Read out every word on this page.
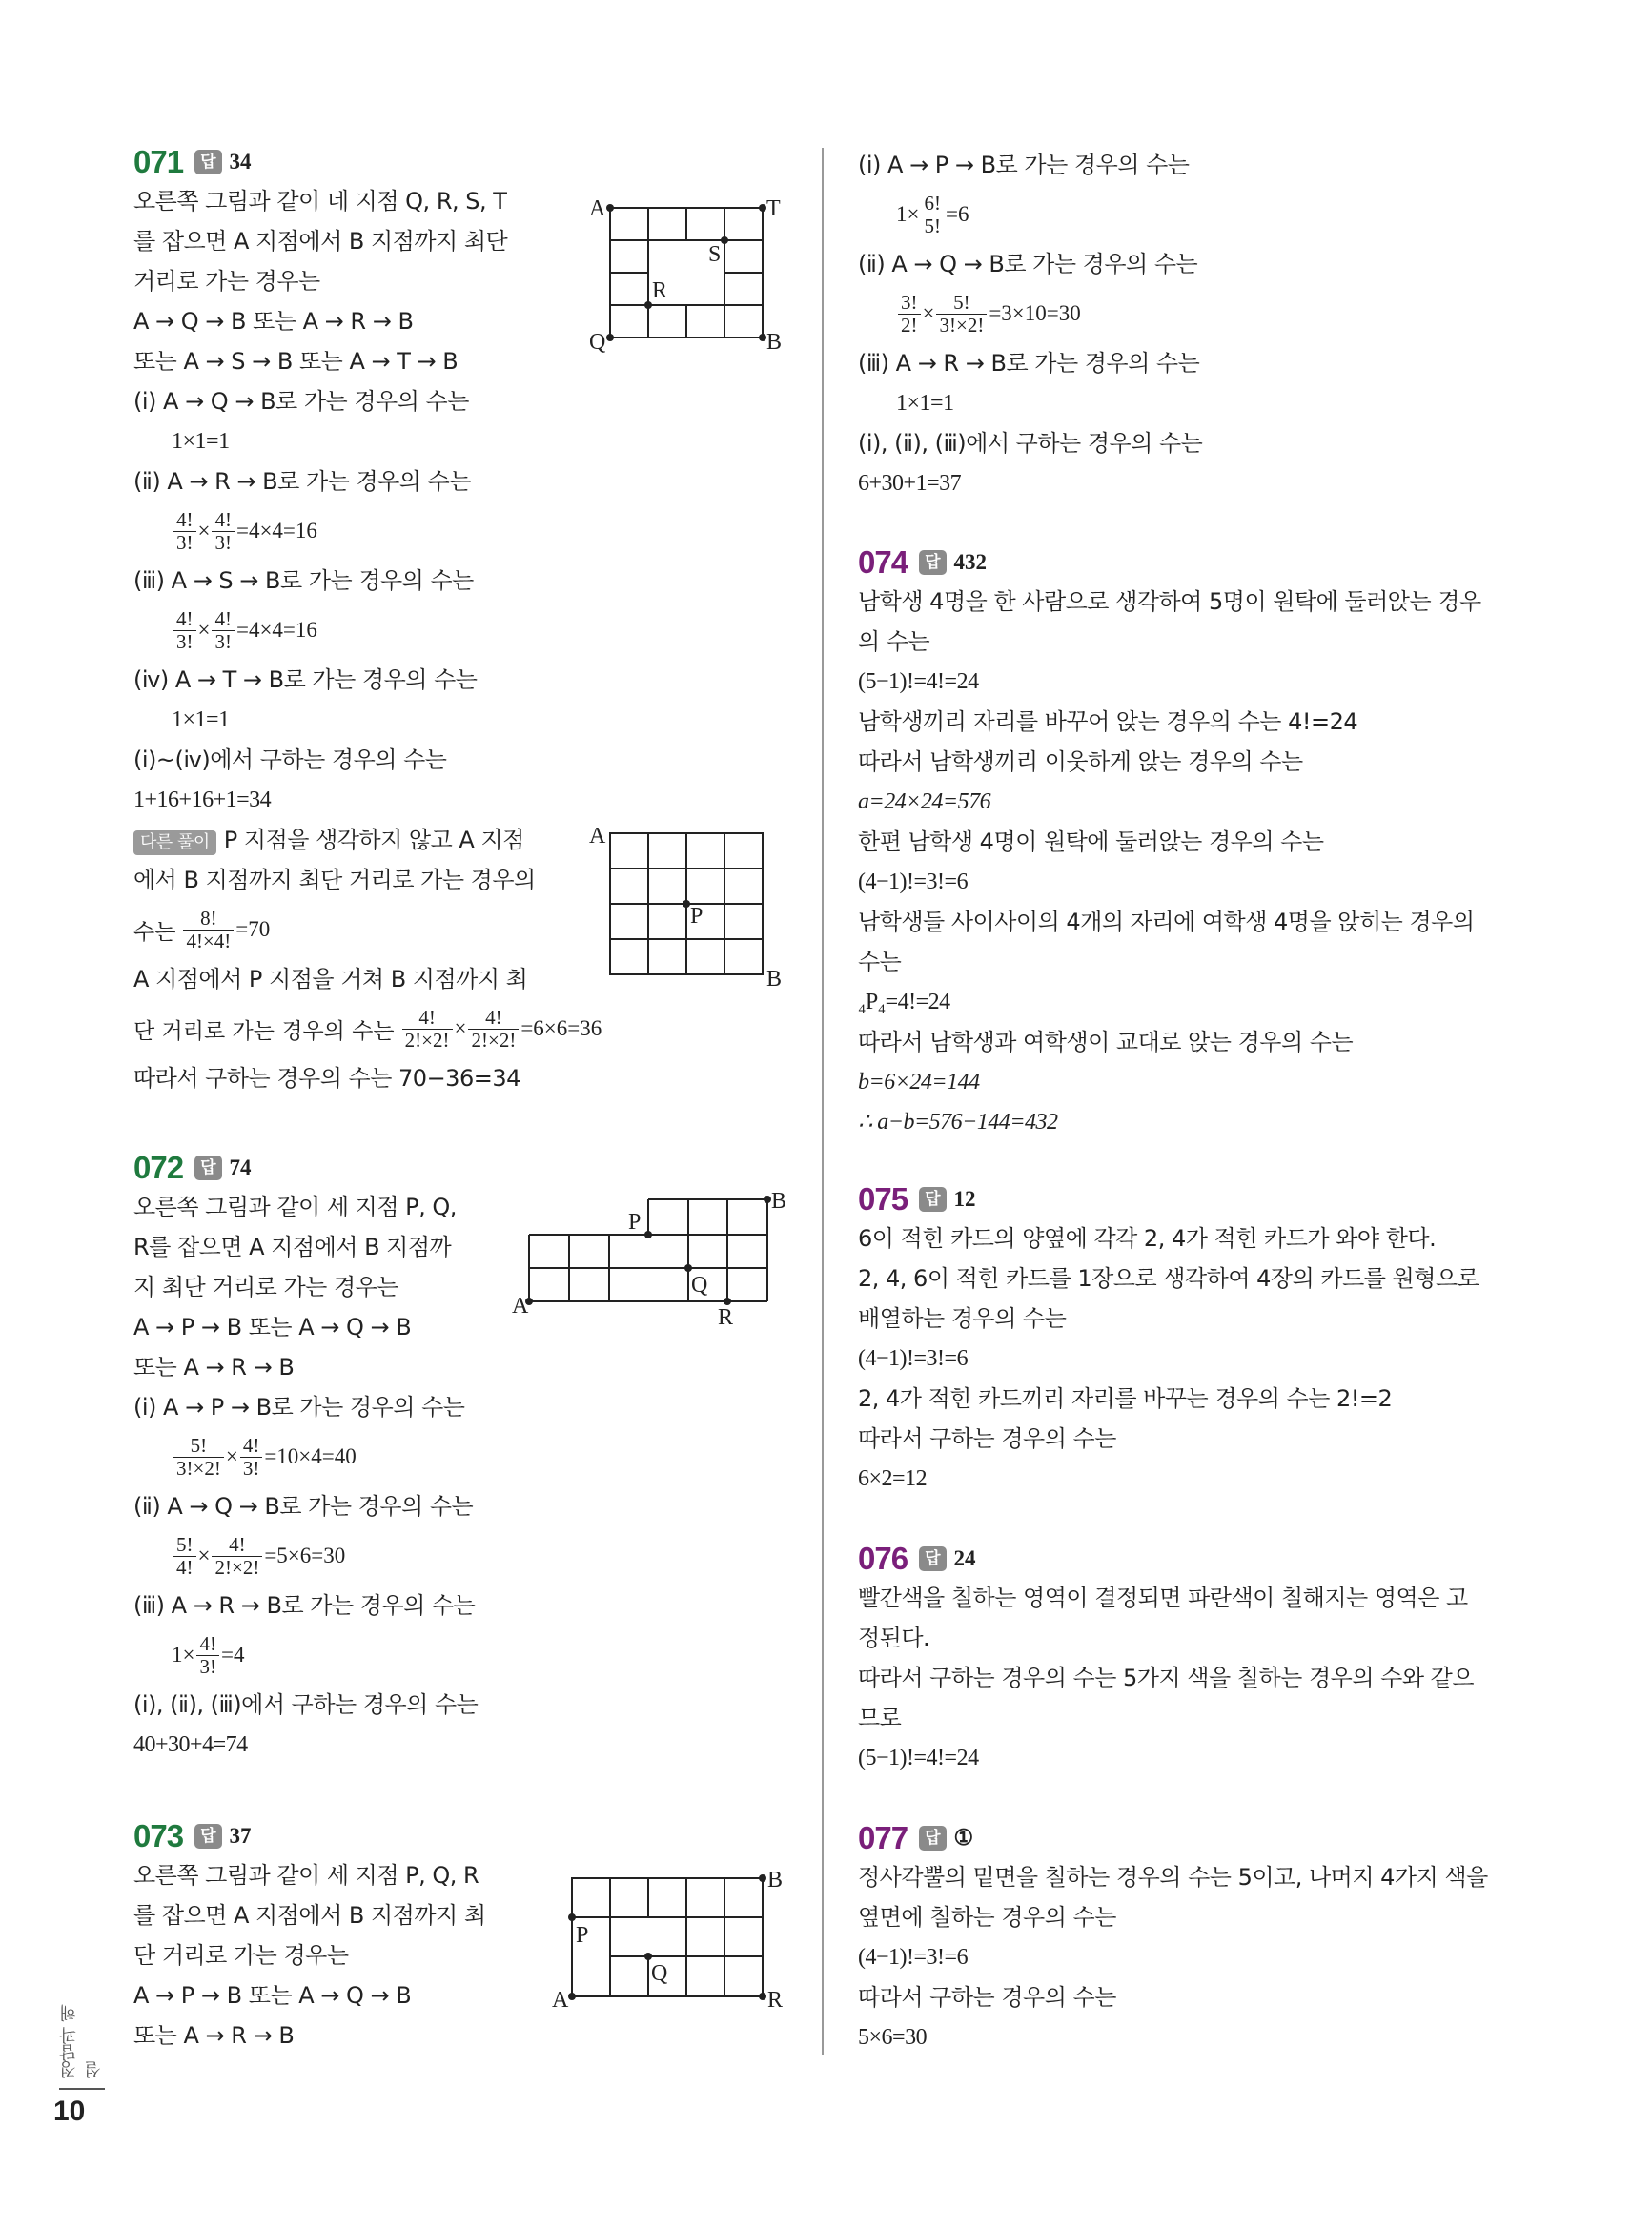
071	답 34
오른쪽 그림과 같이 네 지점 Q, R, S, T
를 잡으면 A 지점에서 B 지점까지 최단
거리로 가는 경우는
A → Q → B 또는 A → R → B
또는 A → S → B 또는 A → T → B
(ⅰ) A → Q → B로 가는 경우의 수는
1×1=1
(ⅱ) A → R → B로 가는 경우의 수는
$\frac{4!}{3!} \times \frac{4!}{3!} =4\times 4=16$
(ⅲ) A → S → B로 가는 경우의 수는
$\frac{4!}{3!} \times \frac{4!}{3!} =4\times 4=16$
(ⅳ) A → T → B로 가는 경우의 수는
1×1=1
(ⅰ)~(ⅳ)에서 구하는 경우의 수는
1+16+16+1=34
다른 풀이 P 지점을 생각하지 않고 A 지점
에서 B 지점까지 최단 거리로 가는 경우의
수는 $\frac{8!}{4!\times 4!} =70$
A 지점에서 P 지점을 거쳐 B 지점까지 최
단 거리로 가는 경우의 수는 $\frac{4!}{2!\times 2!} \times \frac{4!}{2!\times 2!} =6\times 6=36$
따라서 구하는 경우의 수는 70−36=34
A	T
S
R
Q	B
A
P
B
072	답 74
오른쪽 그림과 같이 세 지점 P, Q,
R를 잡으면 A 지점에서 B 지점까
지 최단 거리로 가는 경우는
A → P → B 또는 A → Q → B
또는 A → R → B
(ⅰ) A → P → B로 가는 경우의 수는
$\frac{5!}{3!\times 2!} \times \frac{4!}{3!} =10\times 4=40$
(ⅱ) A → Q → B로 가는 경우의 수는
$\frac{5!}{4!} \times \frac{4!}{2!\times 2!} =5\times 6=30$
(ⅲ) A → R → B로 가는 경우의 수는
$1\times \frac{4!}{3!} =4$
(ⅰ), (ⅱ), (ⅲ)에서 구하는 경우의 수는
40+30+4=74
A
P
Q
R
B
073	답 37
오른쪽 그림과 같이 세 지점 P, Q, R
를 잡으면 A 지점에서 B 지점까지 최
단 거리로 가는 경우는
A → P → B 또는 A → Q → B
또는 A → R → B
A
P
Q
R
B
(ⅰ) A → P → B로 가는 경우의 수는
$1\times \frac{6!}{5!} =6$
(ⅱ) A → Q → B로 가는 경우의 수는
$\frac{3!}{2!} \times \frac{5!}{3!\times 2!} =3\times 10=30$
(ⅲ) A → R → B로 가는 경우의 수는
1×1=1
(ⅰ), (ⅱ), (ⅲ)에서 구하는 경우의 수는
6+30+1=37
074	답 432
남학생 4명을 한 사람으로 생각하여 5명이 원탁에 둘러앉는 경우
의 수는
(5−1)!=4!=24
남학생끼리 자리를 바꾸어 앉는 경우의 수는 4!=24
따라서 남학생끼리 이웃하게 앉는 경우의 수는
a=24×24=576
한편 남학생 4명이 원탁에 둘러앉는 경우의 수는
(4−1)!=3!=6
남학생들 사이사이의 4개의 자리에 여학생 4명을 앉히는 경우의
수는
₄P₄=4!=24
따라서 남학생과 여학생이 교대로 앉는 경우의 수는
b=6×24=144
∴ a−b=576−144=432
075	답 12
6이 적힌 카드의 양옆에 각각 2, 4가 적힌 카드가 와야 한다.
2, 4, 6이 적힌 카드를 1장으로 생각하여 4장의 카드를 원형으로
배열하는 경우의 수는
(4−1)!=3!=6
2, 4가 적힌 카드끼리 자리를 바꾸는 경우의 수는 2!=2
따라서 구하는 경우의 수는
6×2=12
076	답 24
빨간색을 칠하는 영역이 결정되면 파란색이 칠해지는 영역은 고
정된다.
따라서 구하는 경우의 수는 5가지 색을 칠하는 경우의 수와 같으
므로
(5−1)!=4!=24
077	답 ①
정사각뿔의 밑면을 칠하는 경우의 수는 5이고, 나머지 4가지 색을
옆면에 칠하는 경우의 수는
(4−1)!=3!=6
따라서 구하는 경우의 수는
5×6=30
정답과 해설
10
